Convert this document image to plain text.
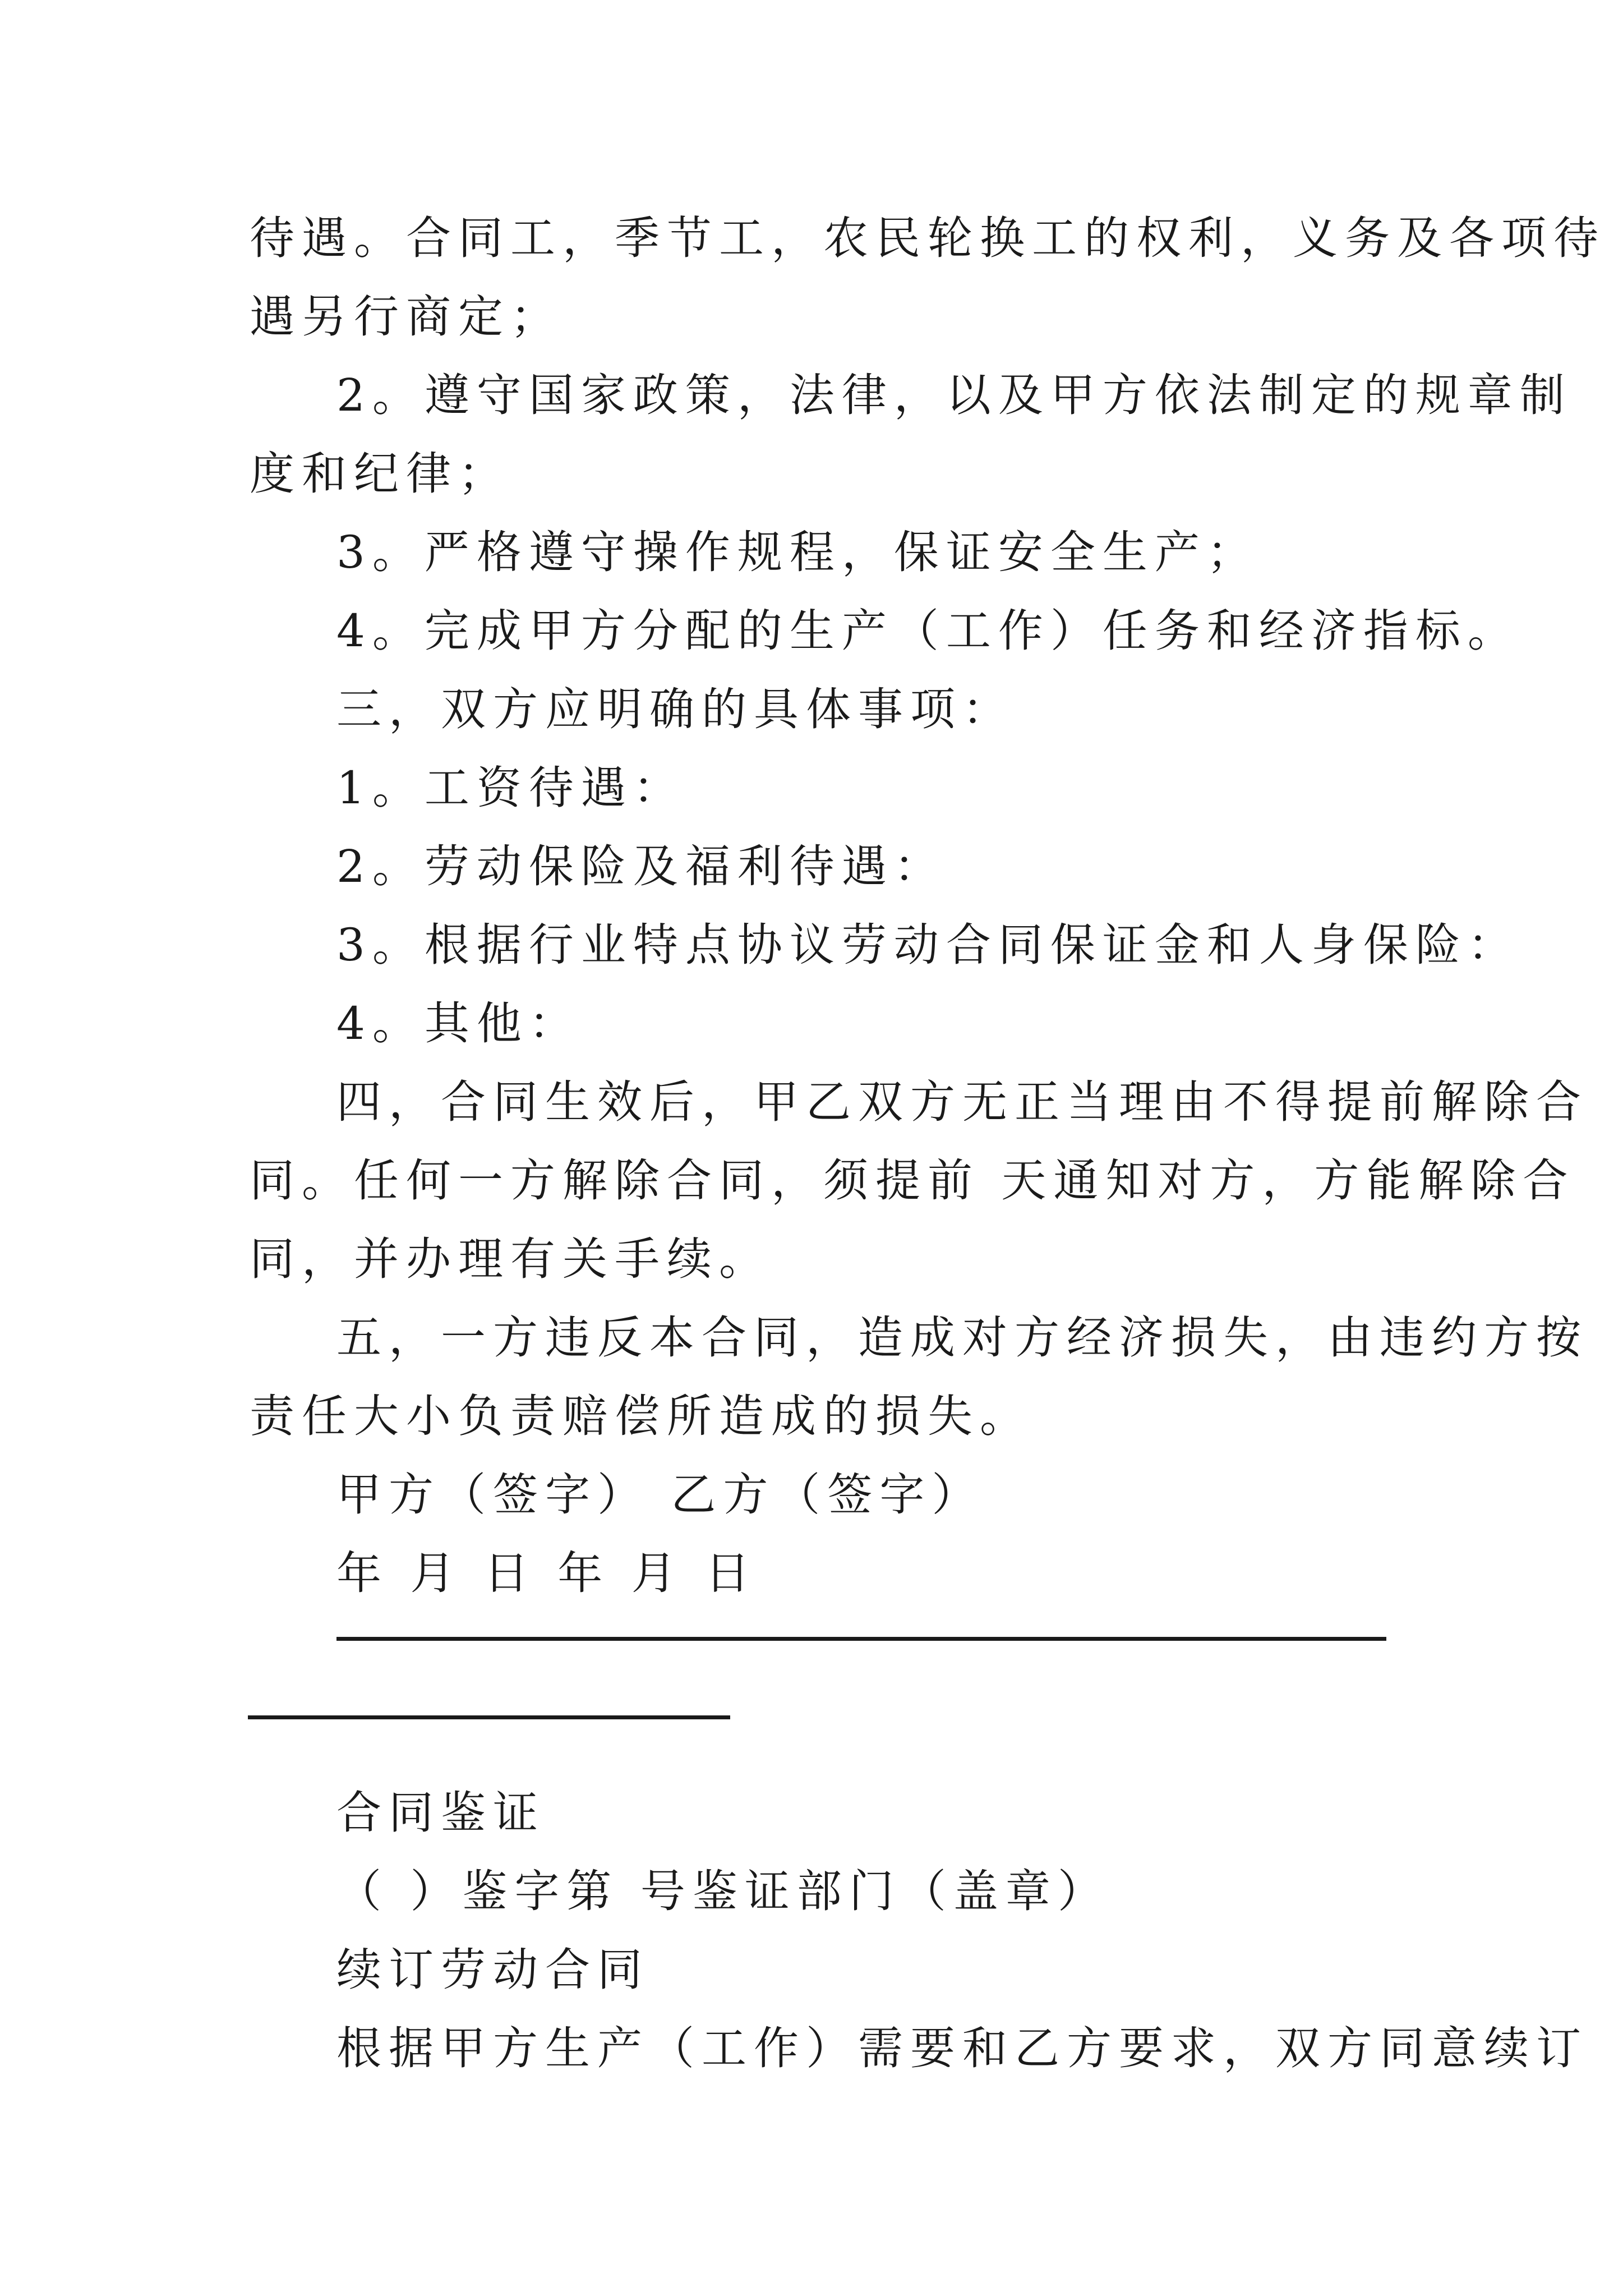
待遇。合同工，季节工，农民轮换工的权利，义务及各项待
遇另行商定；
2。遵守国家政策，法律，以及甲方依法制定的规章制
度和纪律；
3。严格遵守操作规程，保证安全生产；
4。完成甲方分配的生产（工作）任务和经济指标。
三，双方应明确的具体事项：
1。工资待遇：
2。劳动保险及福利待遇：
3。根据行业特点协议劳动合同保证金和人身保险：
4。其他：
四，合同生效后，甲乙双方无正当理由不得提前解除合
同。任何一方解除合同，须提前 天通知对方，方能解除合
同，并办理有关手续。
五，一方违反本合同，造成对方经济损失，由违约方按
责任大小负责赔偿所造成的损失。
甲方（签字） 乙方（签字）
年 月 日 年 月 日
合同鉴证
（ ）鉴字第 号鉴证部门（盖章）
续订劳动合同
根据甲方生产（工作）需要和乙方要求，双方同意续订
